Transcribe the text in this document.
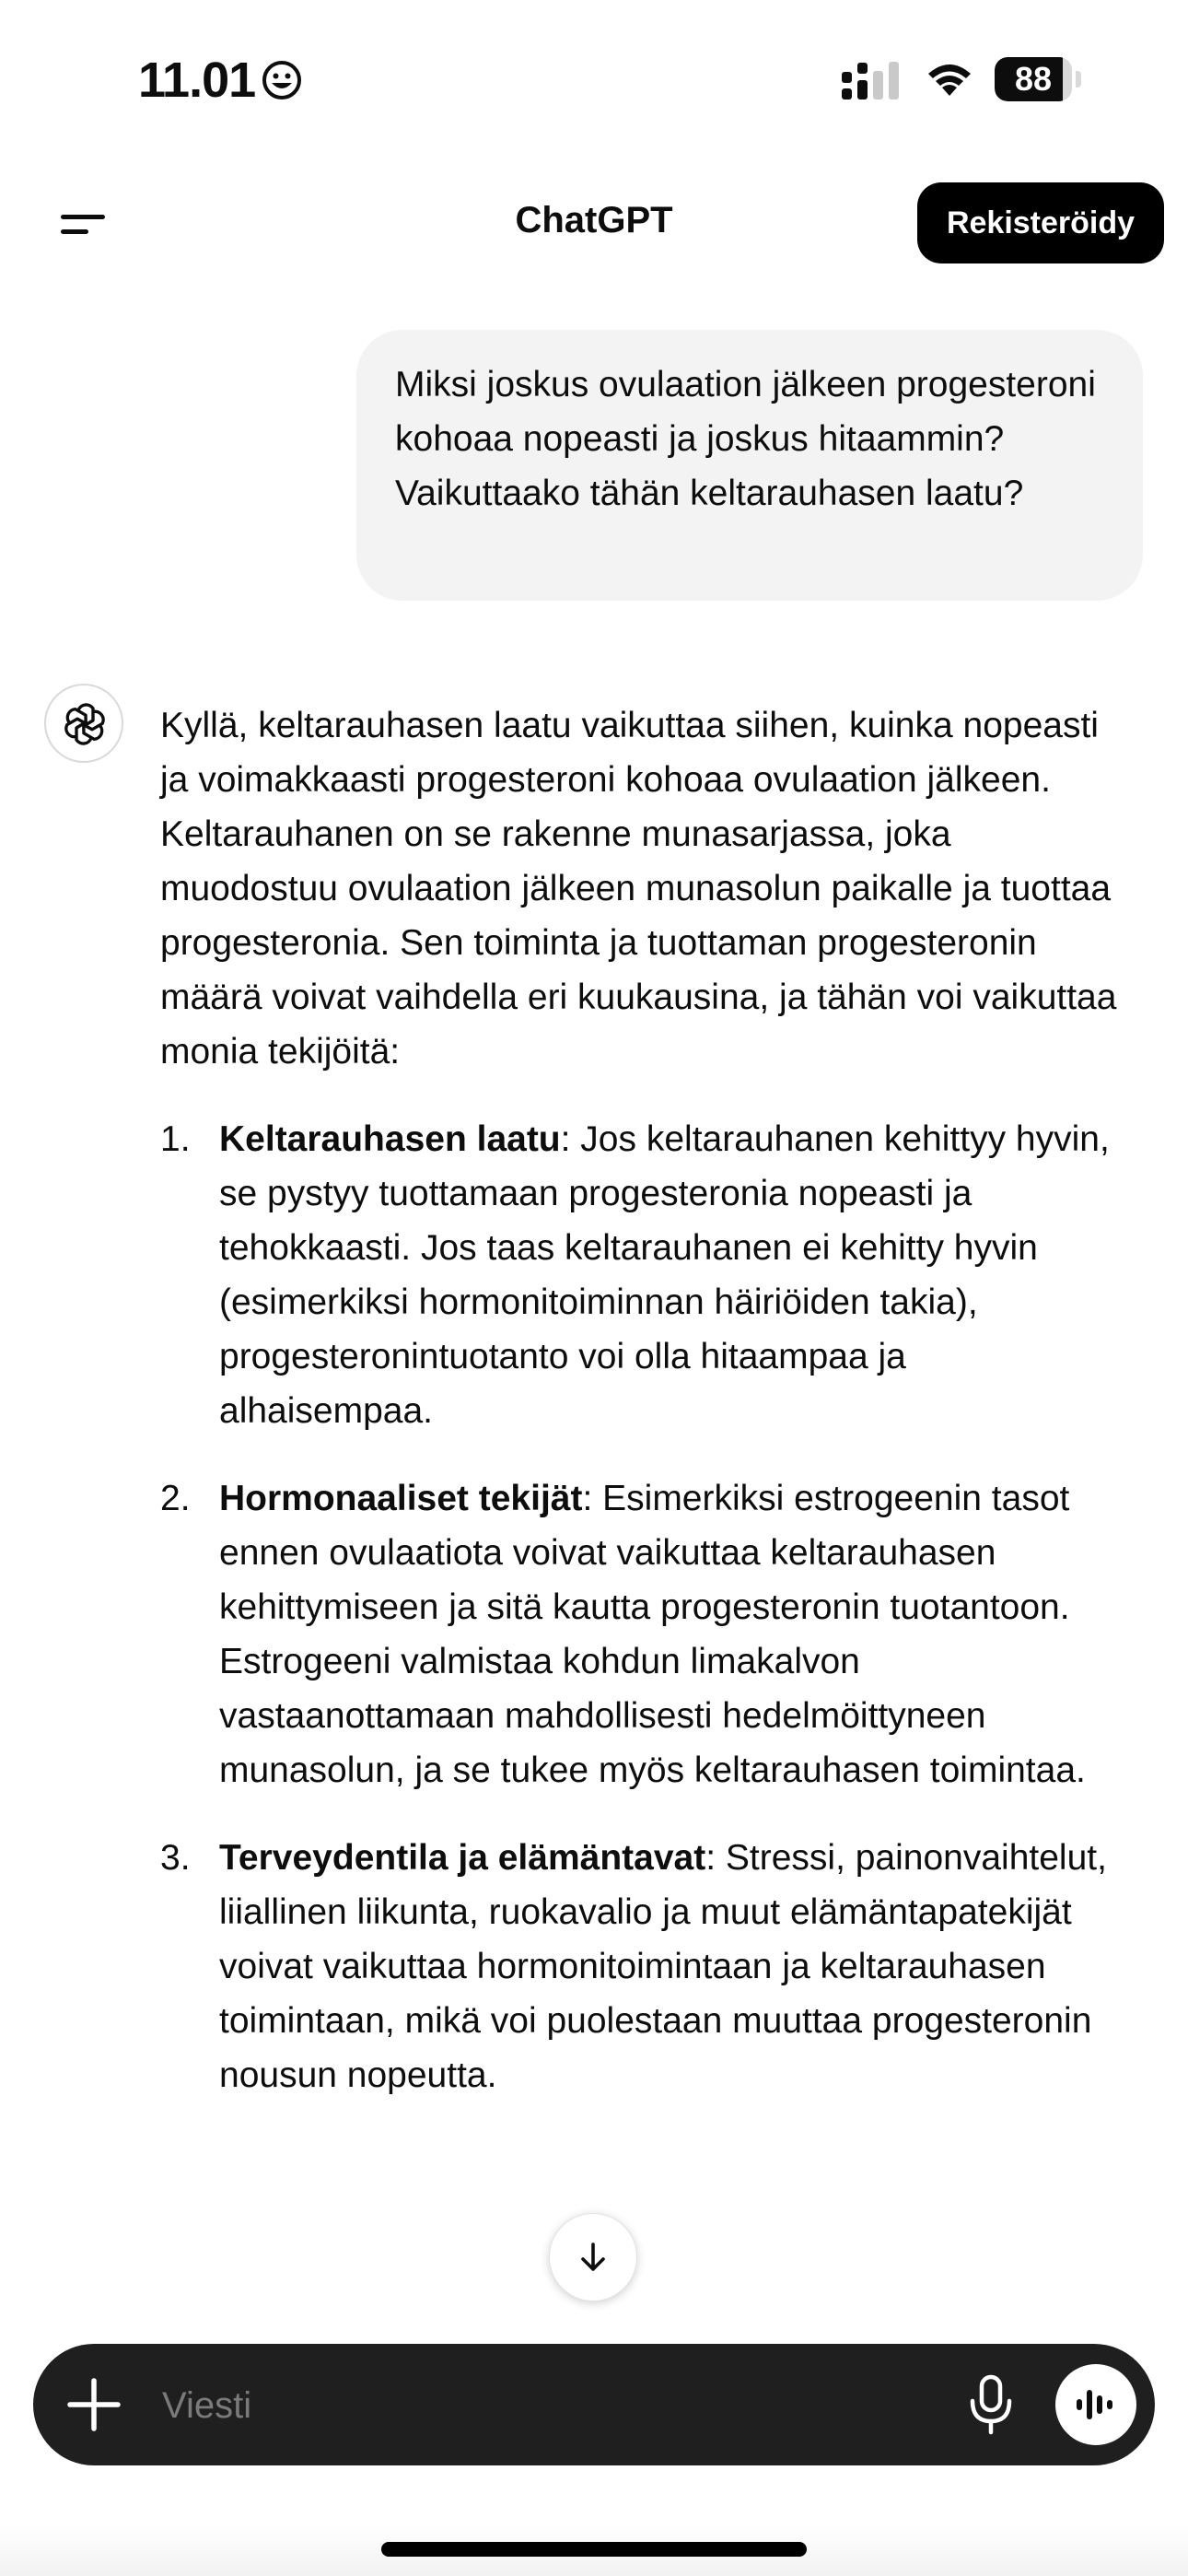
11.01	88
ChatGPT	Rekisteröidy
Miksi joskus ovulaation jälkeen progesteroni kohoaa nopeasti ja joskus hitaammin? Vaikuttaako tähän keltarauhasen laatu?

Kyllä, keltarauhasen laatu vaikuttaa siihen, kuinka nopeasti ja voimakkaasti progesteroni kohoaa ovulaation jälkeen. Keltarauhanen on se rakenne munasarjassa, joka muodostuu ovulaation jälkeen munasolun paikalle ja tuottaa progesteronia. Sen toiminta ja tuottaman progesteronin määrä voivat vaihdella eri kuukausina, ja tähän voi vaikuttaa monia tekijöitä:

1. Keltarauhasen laatu: Jos keltarauhanen kehittyy hyvin, se pystyy tuottamaan progesteronia nopeasti ja tehokkaasti. Jos taas keltarauhanen ei kehitty hyvin (esimerkiksi hormonitoiminnan häiriöiden takia), progesteronintuotanto voi olla hitaampaa ja alhaisempaa.
2. Hormonaaliset tekijät: Esimerkiksi estrogeenin tasot ennen ovulaatiota voivat vaikuttaa keltarauhasen kehittymiseen ja sitä kautta progesteronin tuotantoon. Estrogeeni valmistaa kohdun limakalvon vastaanottamaan mahdollisesti hedelmöittyneen munasolun, ja se tukee myös keltarauhasen toimintaa.
3. Terveydentila ja elämäntavat: Stressi, painonvaihtelut, liiallinen liikunta, ruokavalio ja muut elämäntapatekijät voivat vaikuttaa hormonitoimintaan ja keltarauhasen toimintaan, mikä voi puolestaan muuttaa progesteronin nousun nopeutta.
Viesti
